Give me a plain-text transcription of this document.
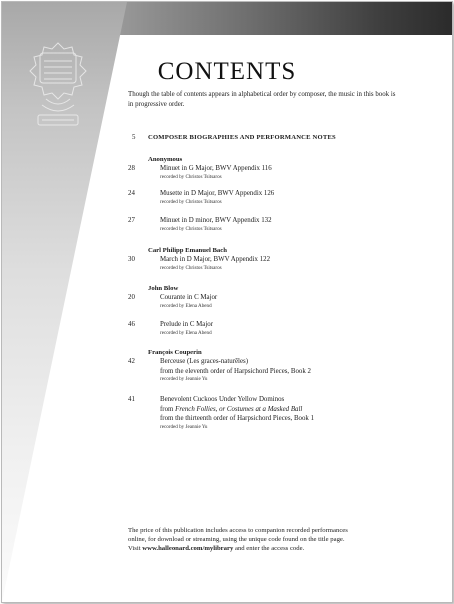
CONTENTS

Though the table of contents appears in alphabetical order by composer, the music in this book is in progressive order.

5	COMPOSER BIOGRAPHIES AND PERFORMANCE NOTES
Anonymous
28	Minuet in G Major, BWV Appendix 116
recorded by Christos Tsitsaros
24	Musette in D Major, BWV Appendix 126
recorded by Christos Tsitsaros
27	Minuet in D minor, BWV Appendix 132
recorded by Christos Tsitsaros
Carl Philipp Emanuel Bach
30	March in D Major, BWV Appendix 122
recorded by Christos Tsitsaros
John Blow
20	Courante in C Major
recorded by Elena Abend
46	Prelude in C Major
recorded by Elena Abend
François Couperin
42	Berceuse (Les graces-naturēles)
from the eleventh order of Harpsichord Pieces, Book 2
recorded by Jeannie Yu
41	Benevolent Cuckoos Under Yellow Dominos
from French Follies, or Costumes at a Masked Ball
from the thirteenth order of Harpsichord Pieces, Book 1
recorded by Jeannie Yu

The price of this publication includes access to companion recorded performances
online, for download or streaming, using the unique code found on the title page.
Visit www.halleonard.com/mylibrary and enter the access code.
